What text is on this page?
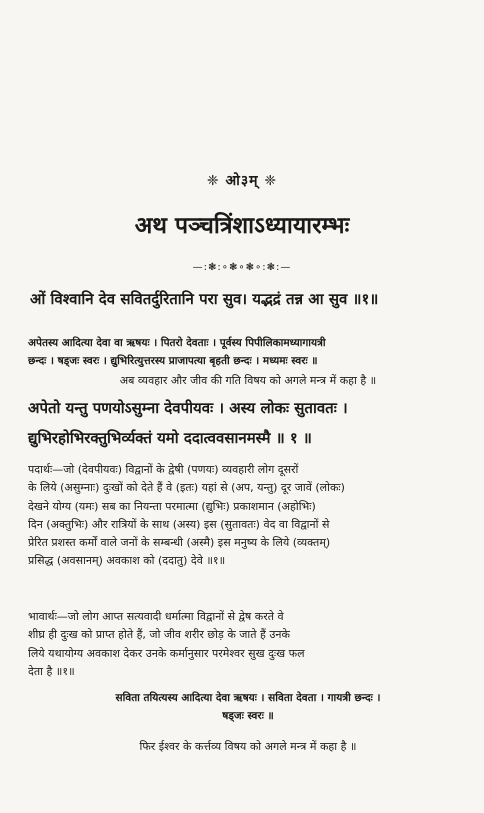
❈ ओ३म् ❈
अथ पञ्चत्रिंशाऽध्यायारम्भः
—:❃:∘❃∘❃∘:❃:—
ओं विश्वानि देव सवितर्दुरितानि परा सुव। यद्भद्रं तन्न आ सुव ॥१॥

अपेतस्य आदित्या देवा वा ऋषयः । पितरो देवताः । पूर्वस्य पिपीलिकामध्यागायत्री

छन्दः । षड्जः स्वरः । द्युभिरित्युत्तरस्य प्राजापत्या बृहती छन्दः । मध्यमः स्वरः ॥

अब व्यवहार और जीव की गति विषय को अगले मन्त्र में कहा है ॥

अपेतो यन्तु पणयोऽसुम्ना देवपीयवः । अस्य लोकः सुतावतः ।

द्युभिरहोभिरक्तुभिर्व्यक्तं यमो ददात्ववसानमस्मै ॥ १ ॥

पदार्थः—जो (देवपीयवः) विद्वानों के द्वेषी (पणयः) व्यवहारी लोग दूसरों

के लिये (असुम्नाः) दुःखों को देते हैं वे (इतः) यहां से (अप, यन्तु) दूर जावें (लोकः)

देखने योग्य (यमः) सब का नियन्ता परमात्मा (द्युभिः) प्रकाशमान (अहोभिः)

दिन (अक्तुभिः) और रात्रियों के साथ (अस्य) इस (सुतावतः) वेद वा विद्वानों से

प्रेरित प्रशस्त कर्मों वाले जनों के सम्बन्धी (अस्मै) इस मनुष्य के लिये (व्यक्तम्)

प्रसिद्ध (अवसानम्) अवकाश को (ददातु) देवे ॥१॥

भावार्थः—जो लोग आप्त सत्यवादी धर्मात्मा विद्वानों से द्वेष करते वे

शीघ्र ही दुःख को प्राप्त होते हैं, जो जीव शरीर छोड़ के जाते हैं उनके

लिये यथायोग्य अवकाश देकर उनके कर्मानुसार परमेश्वर सुख दुःख फल

देता है ॥१॥

सविता तयित्यस्य आदित्या देवा ऋषयः । सविता देवता । गायत्री छन्दः ।

षड्जः स्वरः ॥

फिर ईश्वर के कर्त्तव्य विषय को अगले मन्त्र में कहा है ॥
